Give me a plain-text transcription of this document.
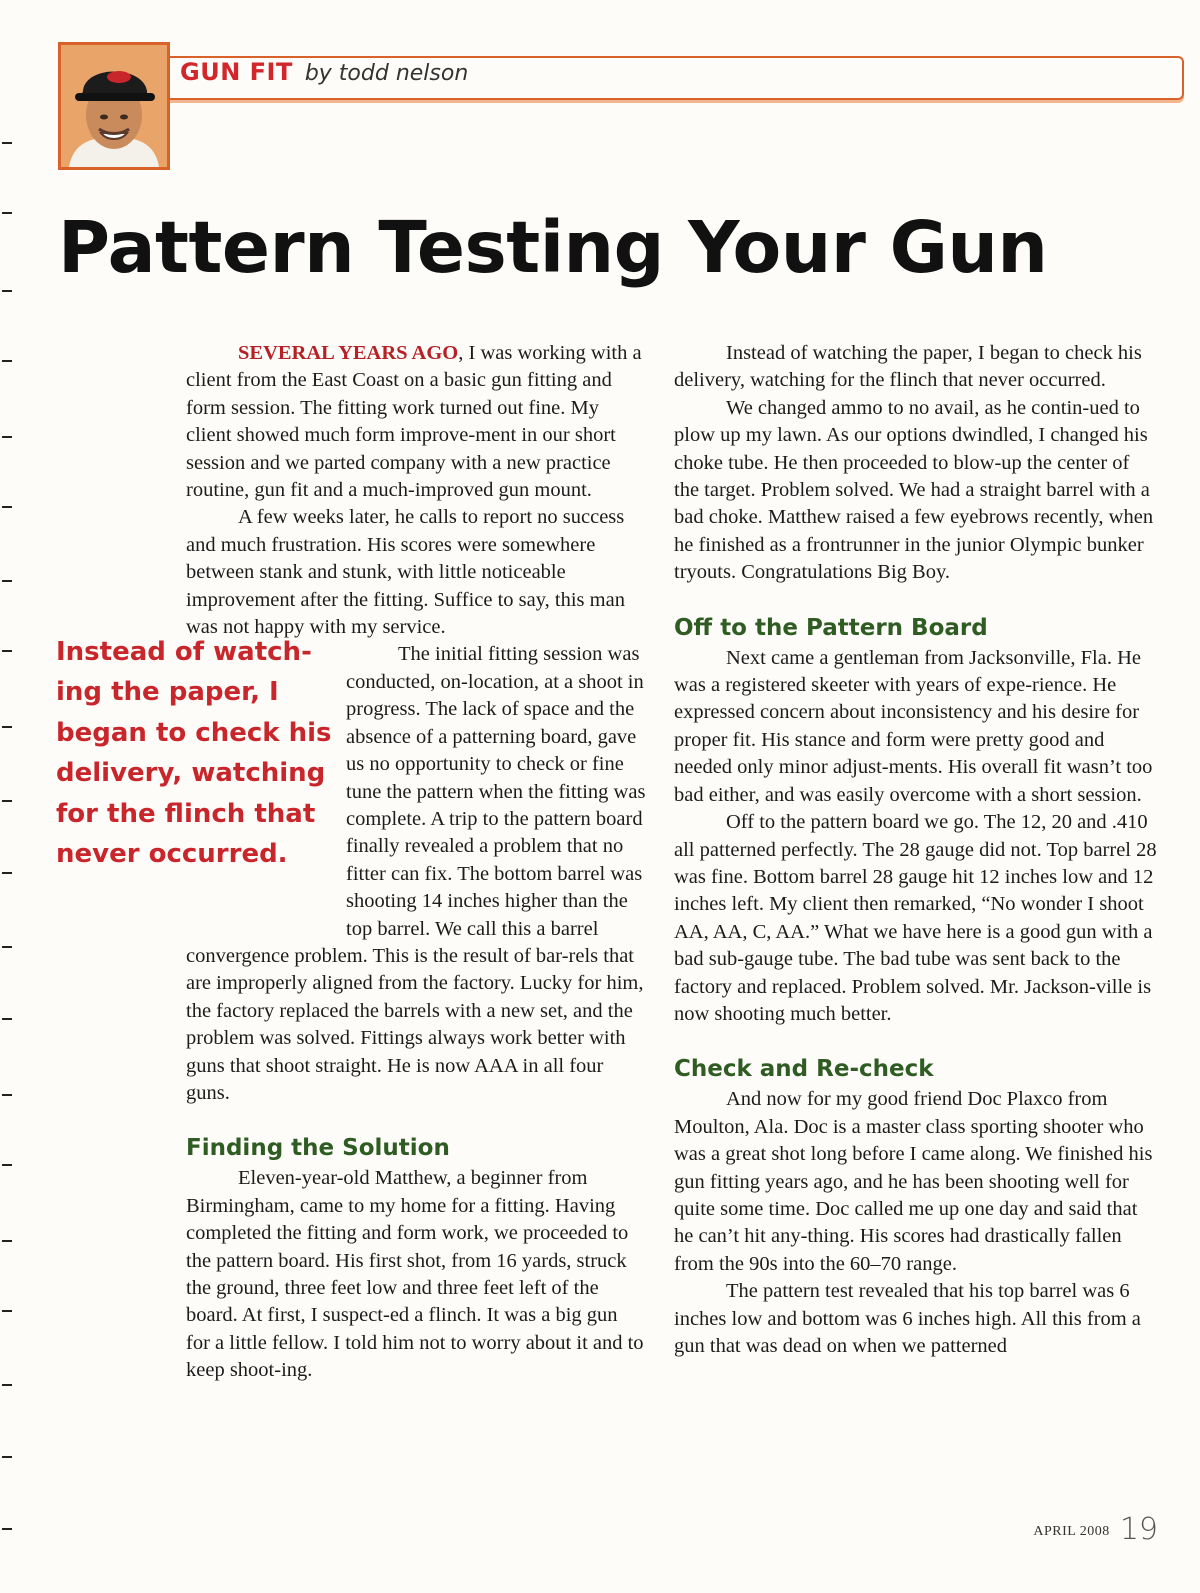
GUN FIT by todd nelson
Pattern Testing Your Gun

SEVERAL YEARS AGO, I was working with a client from the East Coast on a basic gun fitting and form session. The fitting work turned out fine. My client showed much form improve-ment in our short session and we parted company with a new practice routine, gun fit and a much-improved gun mount.

A few weeks later, he calls to report no success and much frustration. His scores were somewhere between stank and stunk, with little noticeable improvement after the fitting. Suffice to say, this man was not happy with my service.

The initial fitting session was conducted, on-location, at a shoot in progress. The lack of space and the absence of a patterning board, gave us no opportunity to check or fine tune the pattern when the fitting was complete. A trip to the pattern board finally revealed a problem that no fitter can fix. The bottom barrel was shooting 14 inches higher than the top barrel. We call this a barrel convergence problem. This is the result of bar-rels that are improperly aligned from the factory. Lucky for him, the factory replaced the barrels with a new set, and the problem was solved. Fittings always work better with guns that shoot straight. He is now AAA in all four guns.

Finding the Solution

Eleven-year-old Matthew, a beginner from Birmingham, came to my home for a fitting. Having completed the fitting and form work, we proceeded to the pattern board. His first shot, from 16 yards, struck the ground, three feet low and three feet left of the board. At first, I suspect-ed a flinch. It was a big gun for a little fellow. I told him not to worry about it and to keep shoot-ing.

Instead of watch-ing the paper, I began to check his delivery, watching for the flinch that never occurred.

Instead of watching the paper, I began to check his delivery, watching for the flinch that never occurred.

We changed ammo to no avail, as he contin-ued to plow up my lawn. As our options dwindled, I changed his choke tube. He then proceeded to blow-up the center of the target. Problem solved. We had a straight barrel with a bad choke. Matthew raised a few eyebrows recently, when he finished as a frontrunner in the junior Olympic bunker tryouts. Congratulations Big Boy.

Off to the Pattern Board

Next came a gentleman from Jacksonville, Fla. He was a registered skeeter with years of expe-rience. He expressed concern about inconsistency and his desire for proper fit. His stance and form were pretty good and needed only minor adjust-ments. His overall fit wasn’t too bad either, and was easily overcome with a short session.

Off to the pattern board we go. The 12, 20 and .410 all patterned perfectly. The 28 gauge did not. Top barrel 28 was fine. Bottom barrel 28 gauge hit 12 inches low and 12 inches left. My client then remarked, “No wonder I shoot AA, AA, C, AA.” What we have here is a good gun with a bad sub-gauge tube. The bad tube was sent back to the factory and replaced. Problem solved. Mr. Jackson-ville is now shooting much better.

Check and Re-check

And now for my good friend Doc Plaxco from Moulton, Ala. Doc is a master class sporting shooter who was a great shot long before I came along. We finished his gun fitting years ago, and he has been shooting well for quite some time. Doc called me up one day and said that he can’t hit any-thing. His scores had drastically fallen from the 90s into the 60–70 range.

The pattern test revealed that his top barrel was 6 inches low and bottom was 6 inches high. All this from a gun that was dead on when we patterned

APRIL 2008 19
